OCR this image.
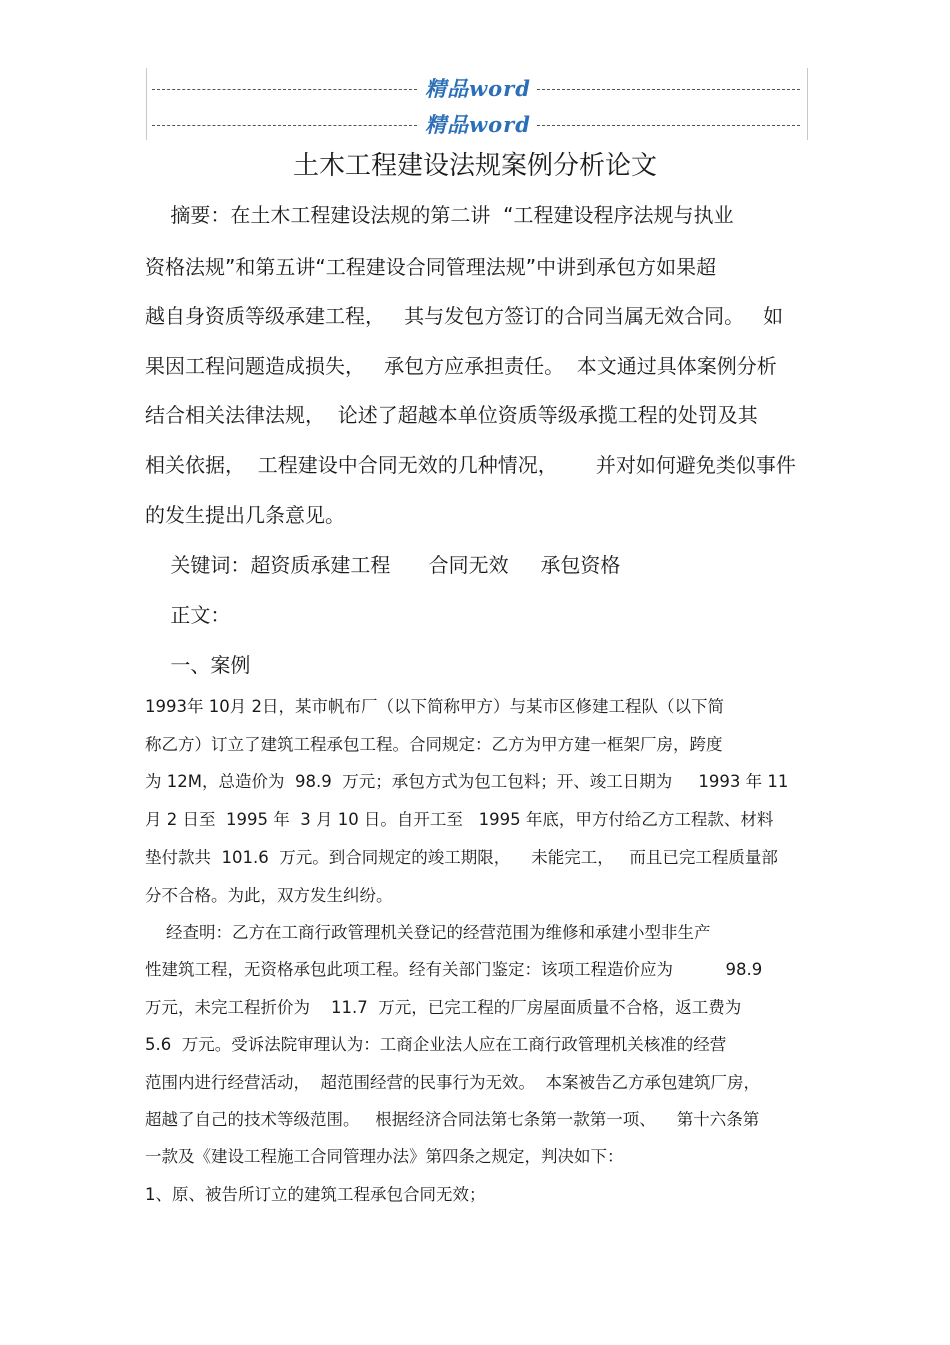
精品word
精品word
土木工程建设法规案例分析论文
摘要：在土木工程建设法规的第二讲  “工程建设程序法规与执业
资格法规”和第五讲“工程建设合同管理法规”中讲到承包方如果超
越自身资质等级承建工程，   其与发包方签订的合同当属无效合同。   如
果因工程问题造成损失，   承包方应承担责任。  本文通过具体案例分析
结合相关法律法规，  论述了超越本单位资质等级承揽工程的处罚及其
相关依据，  工程建设中合同无效的几种情况，      并对如何避免类似事件
的发生提出几条意见。
关键词：超资质承建工程      合同无效     承包资格
正文：
一、案例
1993年 10月 2日，某市帆布厂（以下简称甲方）与某市区修建工程队（以下简
称乙方）订立了建筑工程承包工程。合同规定：乙方为甲方建一框架厂房，跨度
为 12M，总造价为  98.9  万元；承包方式为包工包料；开、竣工日期为     1993 年 11
月 2 日至  1995 年  3 月 10 日。自开工至   1995 年底，甲方付给乙方工程款、材料
垫付款共  101.6  万元。到合同规定的竣工期限，    未能完工，   而且已完工程质量部
分不合格。为此，双方发生纠纷。
经查明：乙方在工商行政管理机关登记的经营范围为维修和承建小型非生产
性建筑工程，无资格承包此项工程。经有关部门鉴定：该项工程造价应为          98.9
万元，未完工程折价为    11.7  万元，已完工程的厂房屋面质量不合格，返工费为
5.6  万元。受诉法院审理认为：工商企业法人应在工商行政管理机关核准的经营
范围内进行经营活动，  超范围经营的民事行为无效。  本案被告乙方承包建筑厂房，
超越了自己的技术等级范围。   根据经济合同法第七条第一款第一项、    第十六条第
一款及《建设工程施工合同管理办法》第四条之规定，判决如下：
1、原、被告所订立的建筑工程承包合同无效；
